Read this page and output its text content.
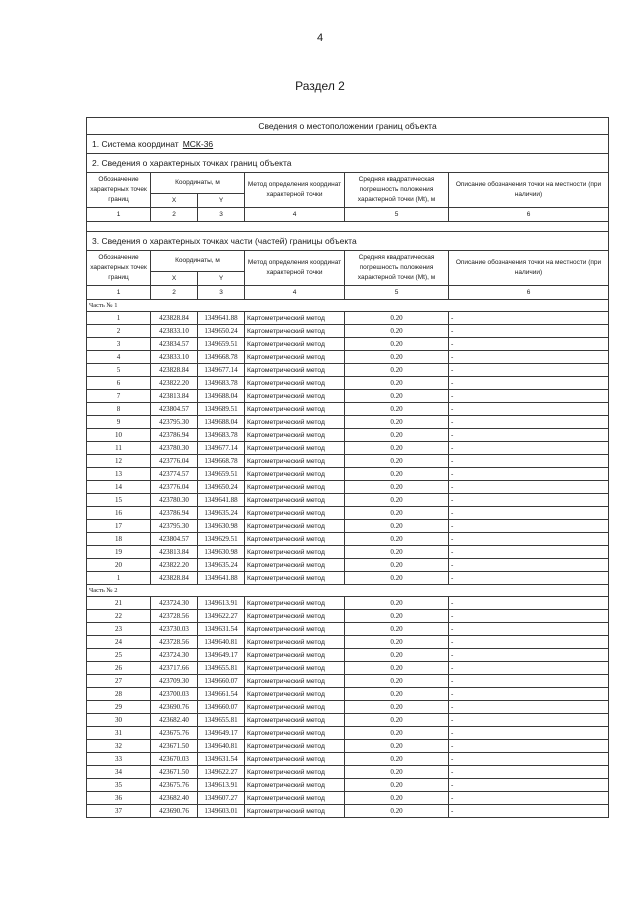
4
Раздел 2
Сведения о местоположении границ объекта					
1. Система координат МСК-36					
2. Сведения о характерных точках границ объекта					
Обозначение характерных точек границ	Координаты, м		Метод определения координат характерной точки	Средняя квадратическая погрешность положения характерной точки (Mt), м	Описание обозначения точки на местности (при наличии)
	X	Y			
1	2	3	4	5	6

3. Сведения о характерных точках части (частей) границы объекта					
Обозначение характерных точек границ	Координаты, м		Метод определения координат характерной точки	Средняя квадратическая погрешность положения характерной точки (Mt), м	Описание обозначения точки на местности (при наличии)
	X	Y			
1	2	3	4	5	6
Часть № 1					
1	423828.84	1349641.88	Картометрический метод	0.20	-
2	423833.10	1349650.24	Картометрический метод	0.20	-
3	423834.57	1349659.51	Картометрический метод	0.20	-
4	423833.10	1349668.78	Картометрический метод	0.20	-
5	423828.84	1349677.14	Картометрический метод	0.20	-
6	423822.20	1349683.78	Картометрический метод	0.20	-
7	423813.84	1349688.04	Картометрический метод	0.20	-
8	423804.57	1349689.51	Картометрический метод	0.20	-
9	423795.30	1349688.04	Картометрический метод	0.20	-
10	423786.94	1349683.78	Картометрический метод	0.20	-
11	423780.30	1349677.14	Картометрический метод	0.20	-
12	423776.04	1349668.78	Картометрический метод	0.20	-
13	423774.57	1349659.51	Картометрический метод	0.20	-
14	423776.04	1349650.24	Картометрический метод	0.20	-
15	423780.30	1349641.88	Картометрический метод	0.20	-
16	423786.94	1349635.24	Картометрический метод	0.20	-
17	423795.30	1349630.98	Картометрический метод	0.20	-
18	423804.57	1349629.51	Картометрический метод	0.20	-
19	423813.84	1349630.98	Картометрический метод	0.20	-
20	423822.20	1349635.24	Картометрический метод	0.20	-
1	423828.84	1349641.88	Картометрический метод	0.20	-
Часть № 2					
21	423724.30	1349613.91	Картометрический метод	0.20	-
22	423728.56	1349622.27	Картометрический метод	0.20	-
23	423730.03	1349631.54	Картометрический метод	0.20	-
24	423728.56	1349640.81	Картометрический метод	0.20	-
25	423724.30	1349649.17	Картометрический метод	0.20	-
26	423717.66	1349655.81	Картометрический метод	0.20	-
27	423709.30	1349660.07	Картометрический метод	0.20	-
28	423700.03	1349661.54	Картометрический метод	0.20	-
29	423690.76	1349660.07	Картометрический метод	0.20	-
30	423682.40	1349655.81	Картометрический метод	0.20	-
31	423675.76	1349649.17	Картометрический метод	0.20	-
32	423671.50	1349640.81	Картометрический метод	0.20	-
33	423670.03	1349631.54	Картометрический метод	0.20	-
34	423671.50	1349622.27	Картометрический метод	0.20	-
35	423675.76	1349613.91	Картометрический метод	0.20	-
36	423682.40	1349607.27	Картометрический метод	0.20	-
37	423690.76	1349603.01	Картометрический метод	0.20	-
